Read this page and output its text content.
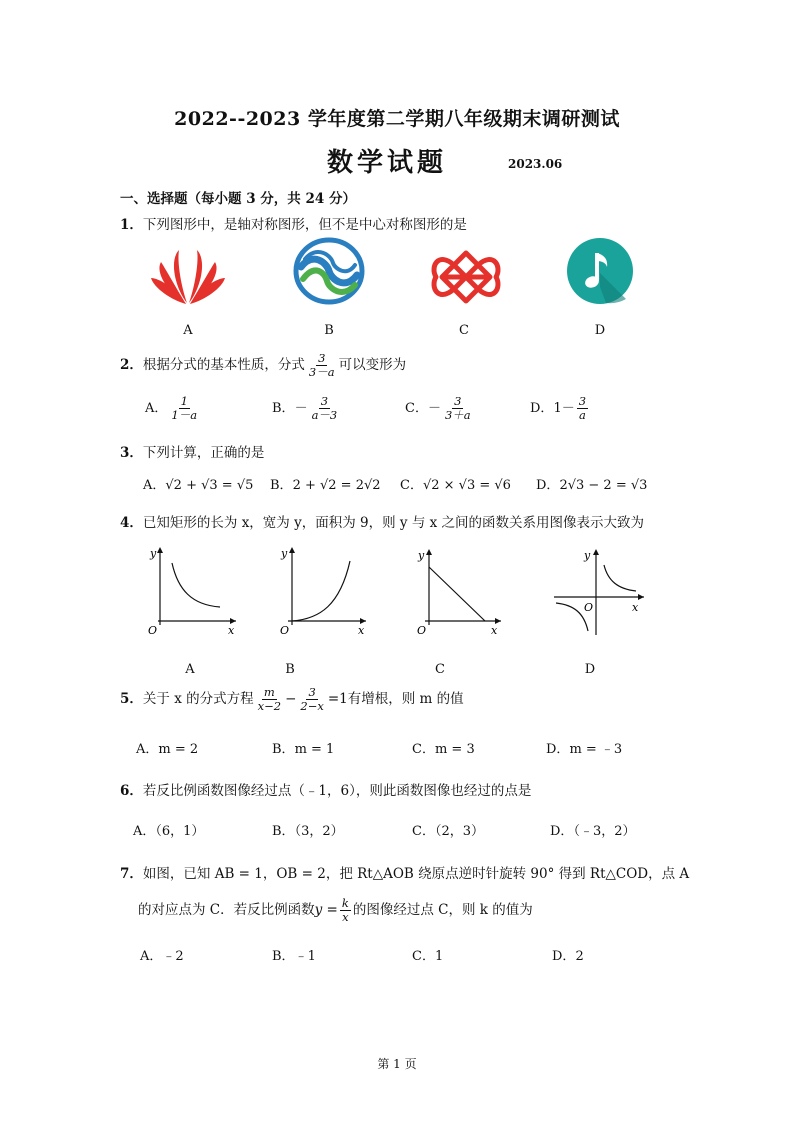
2022--2023 学年度第二学期八年级期末调研测试
数学试题	2023.06
一、选择题（每小题 3 分，共 24 分）
1．下列图形中，是轴对称图形，但不是中心对称图形的是
A	B	C	D
2．根据分式的基本性质，分式 $\frac{3}{3-a}$ 可以变形为
A． $\frac{1}{1-a}$	B．－ $\frac{3}{a-3}$	C．－ $\frac{3}{3+a}$	D．$1- \frac{3}{a}$
3．下列计算，正确的是
A．√2 + √3 = √5 B．2 + √2 = 2√2 C．√2 × √3 = √6 D．2√3 − 2 = √3
4．已知矩形的长为 x，宽为 y，面积为 9，则 y 与 x 之间的函数关系用图像表示大致为
y
x
O
y
x
O
y
x
O
y
x
O
A	B	C	D
5．关于 x 的分式方程 $\frac{m}{x-2} - \frac{3}{2-x} =1$有增根，则 m 的值
A．m = 2	B．m = 1	C．m = 3	D．m = ﹣3
6．若反比例函数图像经过点（﹣1，6），则此函数图像也经过的点是
A．（6，1）	B．（3，2）	C．（2，3）	D．（﹣3，2）
7．如图，已知 AB = 1，OB = 2，把 Rt△AOB 绕原点逆时针旋转 90° 得到 Rt△COD，点 A
的对应点为 C．若反比例函数$y = \frac{k}{x}$ 的图像经过点 C，则 k 的值为
A．﹣2	B．﹣1	C．1	D．2
第 1 页
